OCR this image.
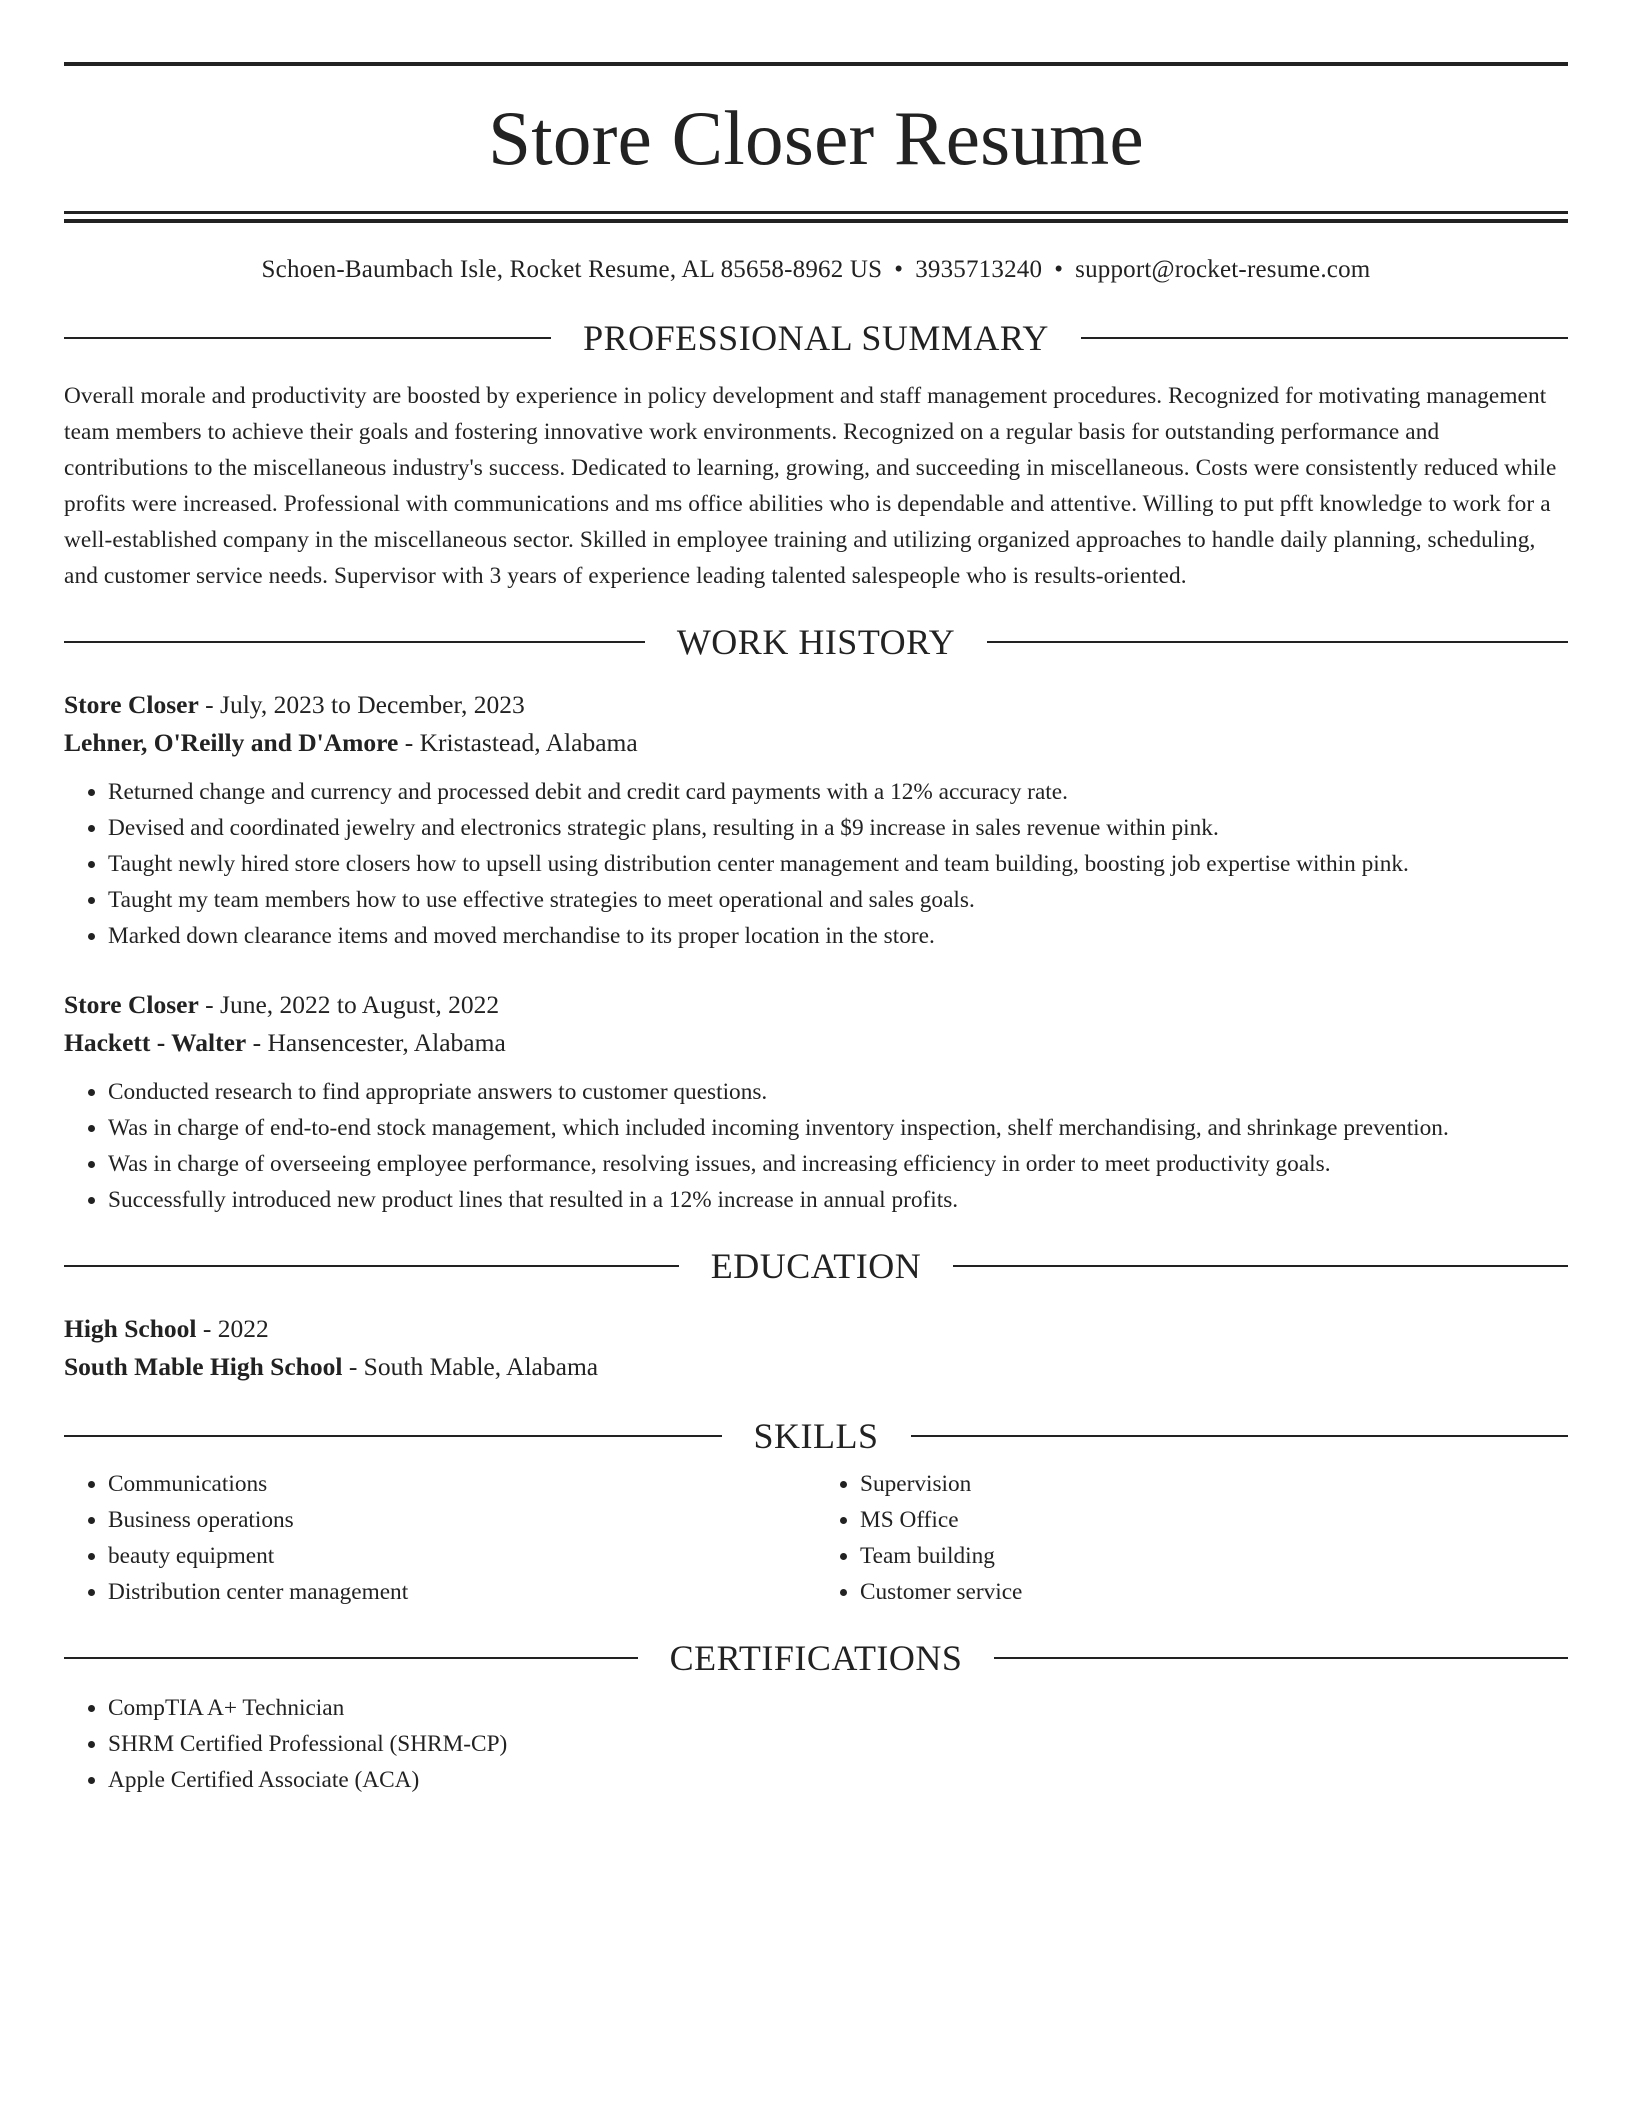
Store Closer Resume
Schoen-Baumbach Isle, Rocket Resume, AL 85658-8962 US • 3935713240 • support@rocket-resume.com
PROFESSIONAL SUMMARY

Overall morale and productivity are boosted by experience in policy development and staff management procedures. Recognized for motivating management team members to achieve their goals and fostering innovative work environments. Recognized on a regular basis for outstanding performance and contributions to the miscellaneous industry's success. Dedicated to learning, growing, and succeeding in miscellaneous. Costs were consistently reduced while profits were increased. Professional with communications and ms office abilities who is dependable and attentive. Willing to put pfft knowledge to work for a well-established company in the miscellaneous sector. Skilled in employee training and utilizing organized approaches to handle daily planning, scheduling, and customer service needs. Supervisor with 3 years of experience leading talented salespeople who is results-oriented.

WORK HISTORY
Store Closer - July, 2023 to December, 2023
Lehner, O'Reilly and D'Amore - Kristastead, Alabama
• Returned change and currency and processed debit and credit card payments with a 12% accuracy rate.
• Devised and coordinated jewelry and electronics strategic plans, resulting in a $9 increase in sales revenue within pink.
• Taught newly hired store closers how to upsell using distribution center management and team building, boosting job expertise within pink.
• Taught my team members how to use effective strategies to meet operational and sales goals.
• Marked down clearance items and moved merchandise to its proper location in the store.
Store Closer - June, 2022 to August, 2022
Hackett - Walter - Hansencester, Alabama
• Conducted research to find appropriate answers to customer questions.
• Was in charge of end-to-end stock management, which included incoming inventory inspection, shelf merchandising, and shrinkage prevention.
• Was in charge of overseeing employee performance, resolving issues, and increasing efficiency in order to meet productivity goals.
• Successfully introduced new product lines that resulted in a 12% increase in annual profits.
EDUCATION
High School - 2022
South Mable High School - South Mable, Alabama
SKILLS
• Communications
• Business operations
• beauty equipment
• Distribution center management
• Supervision
• MS Office
• Team building
• Customer service
CERTIFICATIONS
• CompTIA A+ Technician
• SHRM Certified Professional (SHRM-CP)
• Apple Certified Associate (ACA)
